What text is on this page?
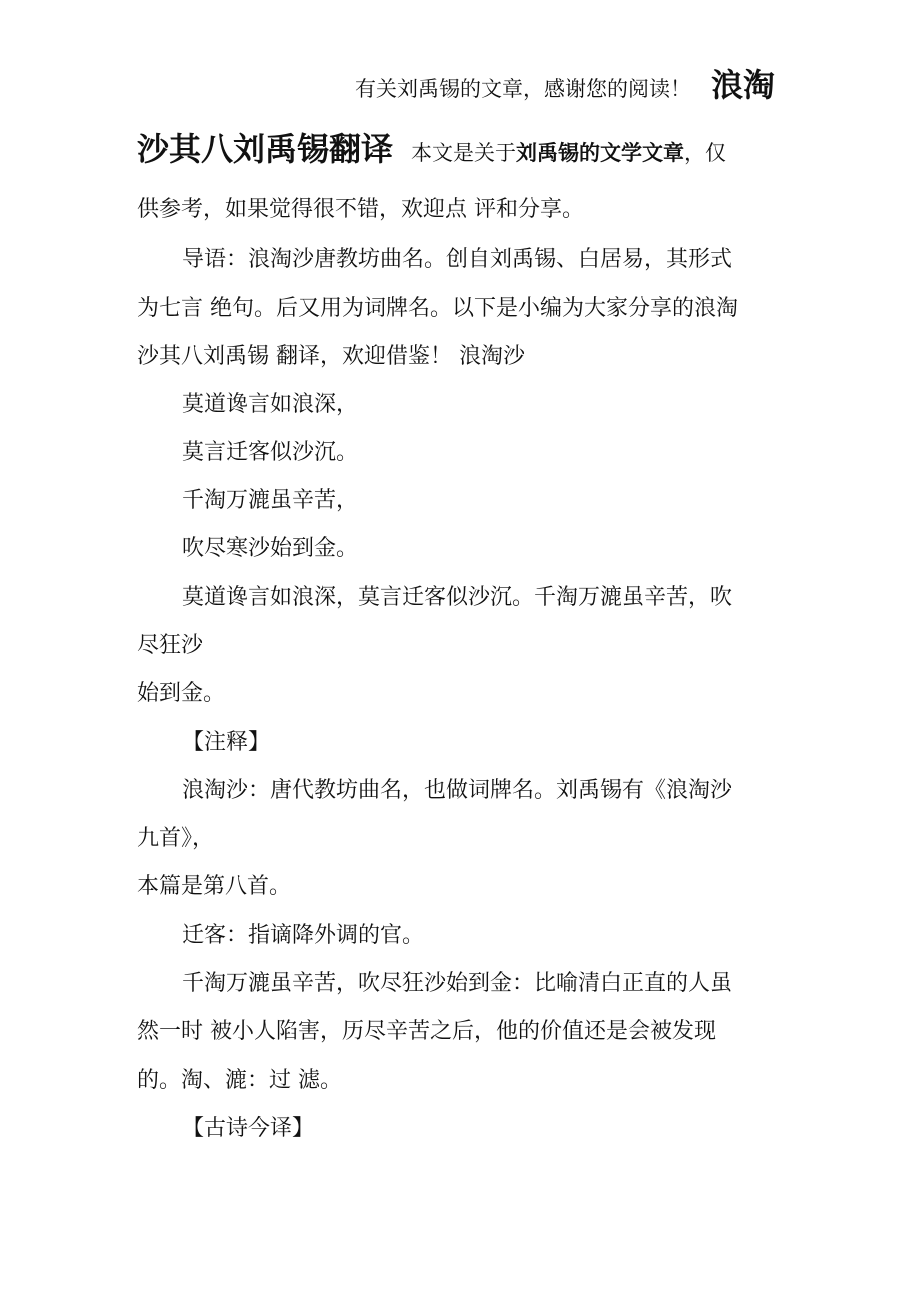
有关刘禹锡的文章，感谢您的阅读！ 浪淘
沙其八刘禹锡翻译 本文是关于刘禹锡的文学文章，仅
供参考，如果觉得很不错，欢迎点 评和分享。
导语：浪淘沙唐教坊曲名。创自刘禹锡、白居易，其形式
为七言 绝句。后又用为词牌名。以下是小编为大家分享的浪淘
沙其八刘禹锡 翻译，欢迎借鉴！ 浪淘沙
莫道谗言如浪深，
莫言迁客似沙沉。
千淘万漉虽辛苦，
吹尽寒沙始到金。
莫道谗言如浪深，莫言迁客似沙沉。千淘万漉虽辛苦，吹
尽狂沙
始到金。
【注释】
浪淘沙：唐代教坊曲名，也做词牌名。刘禹锡有《浪淘沙
九首》，
本篇是第八首。
迁客：指谪降外调的官。
千淘万漉虽辛苦，吹尽狂沙始到金：比喻清白正直的人虽
然一时 被小人陷害，历尽辛苦之后，他的价值还是会被发现
的。淘、漉：过 滤。
【古诗今译】
